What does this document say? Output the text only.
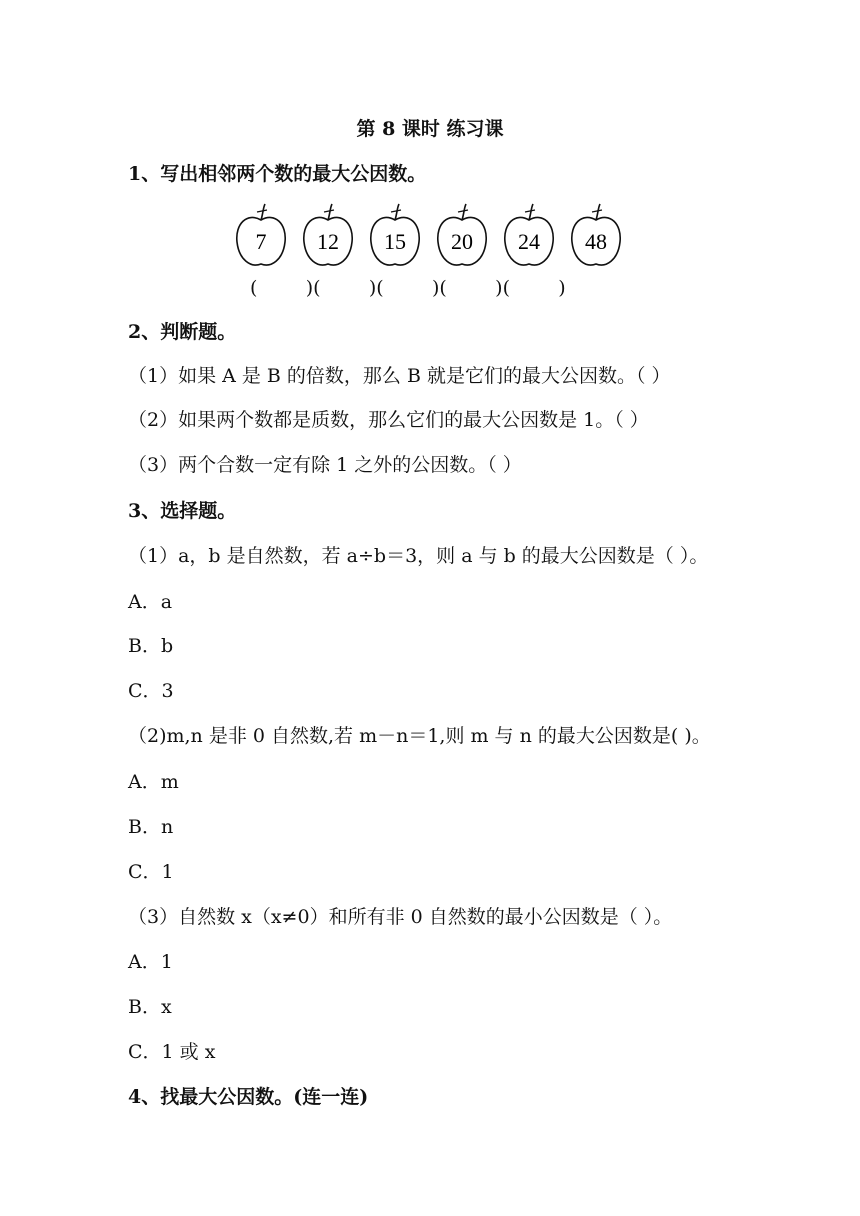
第 8 课时 练习课
1、写出相邻两个数的最大公因数。
7 12 15 20 24 48
(        )(        )(        )(        )(        )
2、判断题。
（1）如果 A 是 B 的倍数，那么 B 就是它们的最大公因数。（ ）
（2）如果两个数都是质数，那么它们的最大公因数是 1。（ ）
（3）两个合数一定有除 1 之外的公因数。（ ）
3、选择题。
（1）a，b 是自然数，若 a÷b＝3，则 a 与 b 的最大公因数是（ ）。
A．a
B．b
C．3
（2)m,n 是非 0 自然数,若 m－n＝1,则 m 与 n 的最大公因数是( )。
A．m
B．n
C．1
（3）自然数 x（x≠0）和所有非 0 自然数的最小公因数是（ ）。
A．1
B．x
C．1 或 x
4、找最大公因数。(连一连)
